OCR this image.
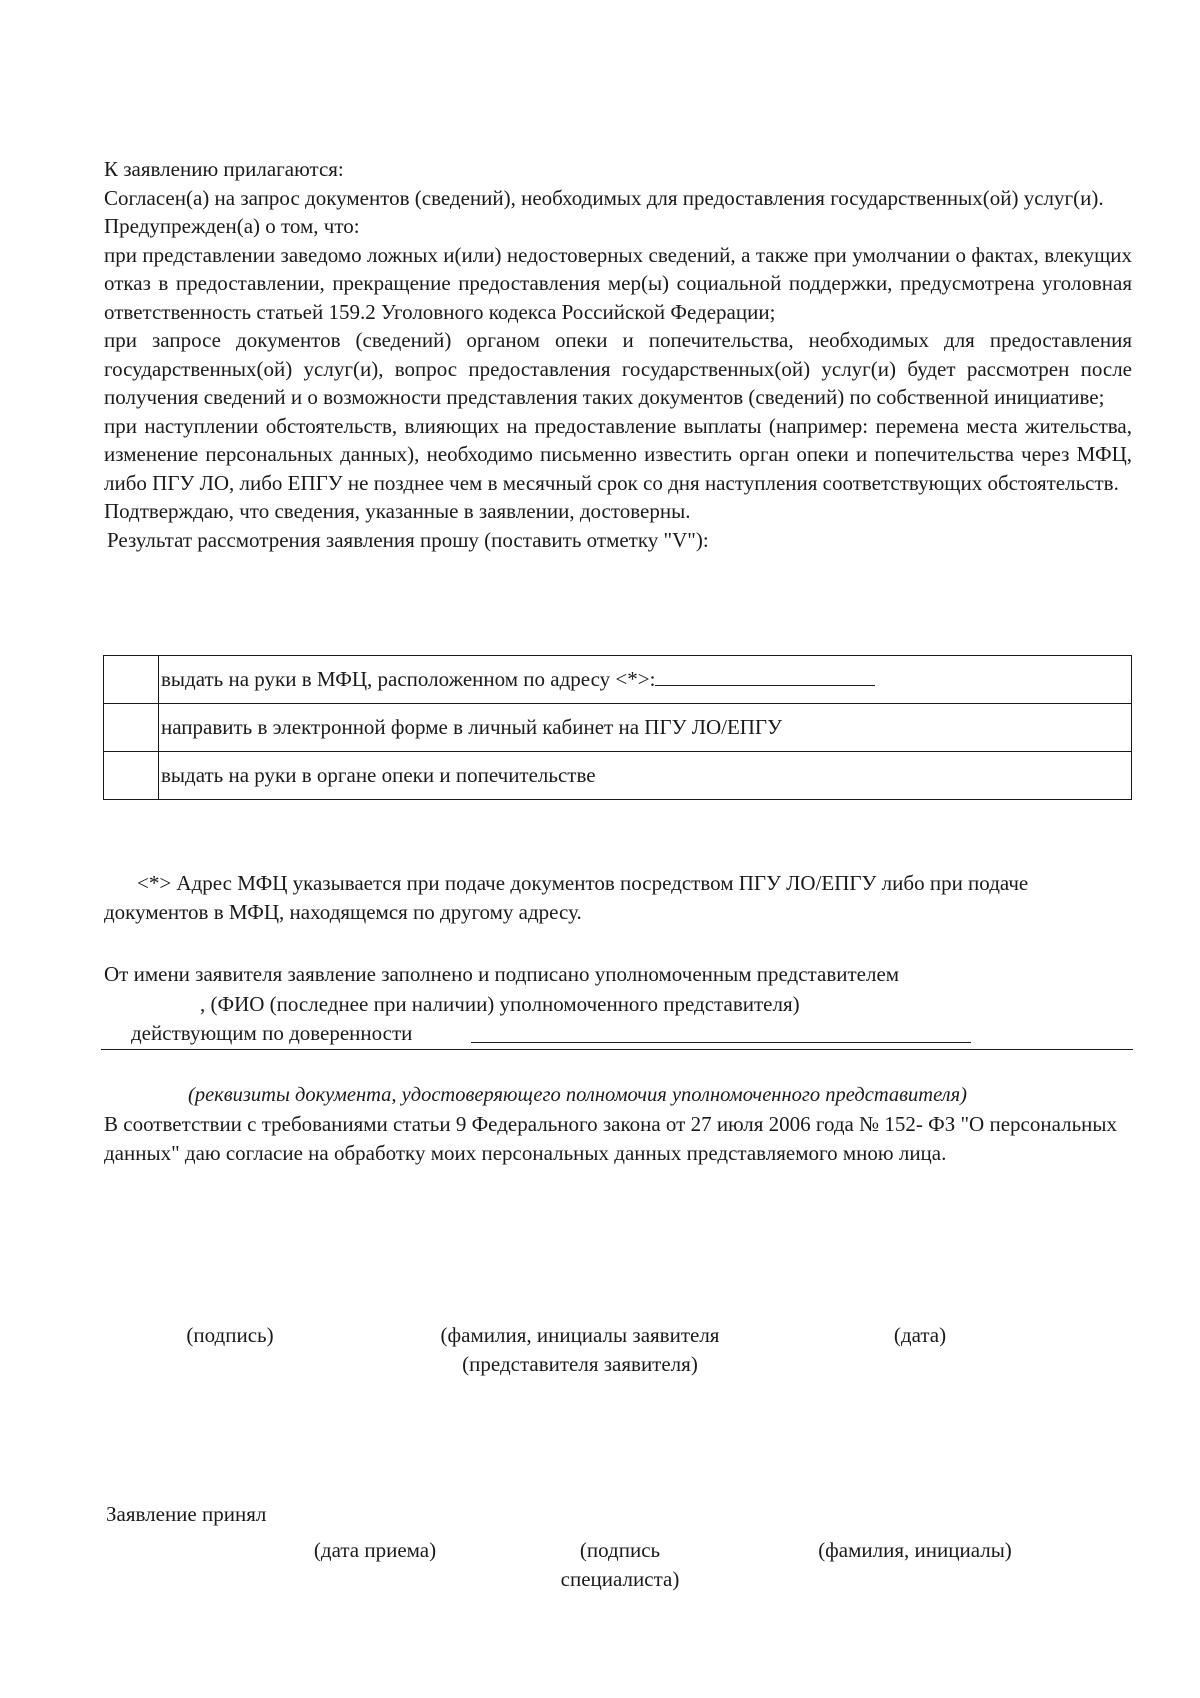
К заявлению прилагаются:

Согласен(а) на запрос документов (сведений), необходимых для предоставления государственных(ой) услуг(и).

Предупрежден(а) о том, что:

при представлении заведомо ложных и(или) недостоверных сведений, а также при умолчании о фактах, влекущих отказ в предоставлении, прекращение предоставления мер(ы) социальной поддержки, предусмотрена уголовная ответственность статьей 159.2 Уголовного кодекса Российской Федерации;

при запросе документов (сведений) органом опеки и попечительства, необходимых для предоставления государственных(ой) услуг(и), вопрос предоставления государственных(ой) услуг(и) будет рассмотрен после получения сведений и о возможности представления таких документов (сведений) по собственной инициативе;

при наступлении обстоятельств, влияющих на предоставление выплаты (например: перемена места жительства, изменение персональных данных), необходимо письменно известить орган опеки и попечительства через МФЦ, либо ПГУ ЛО, либо ЕПГУ не позднее чем в месячный срок со дня наступления соответствующих обстоятельств.

Подтверждаю, что сведения, указанные в заявлении, достоверны.

Результат рассмотрения заявления прошу (поставить отметку "V"):

	выдать на руки в МФЦ, расположенном по адресу <*>:
	направить в электронной форме в личный кабинет на ПГУ ЛО/ЕПГУ
	выдать на руки в органе опеки и попечительстве

<*> Адрес МФЦ указывается при подаче документов посредством ПГУ ЛО/ЕПГУ либо при подаче документов в МФЦ, находящемся по другому адресу.

От имени заявителя заявление заполнено и подписано уполномоченным представителем
, (ФИО (последнее при наличии) уполномоченного представителя)
действующим по доверенности
(реквизиты документа, удостоверяющего полномочия уполномоченного представителя)

В соответствии с требованиями статьи 9 Федерального закона от 27 июля 2006 года № 152- ФЗ "О персональных данных" даю согласие на обработку моих персональных данных представляемого мною лица.

(подпись)	(фамилия, инициалы заявителя
(представителя заявителя)
(дата)
Заявление принял
(дата приема)	(подпись
специалиста)
(фамилия, инициалы)
